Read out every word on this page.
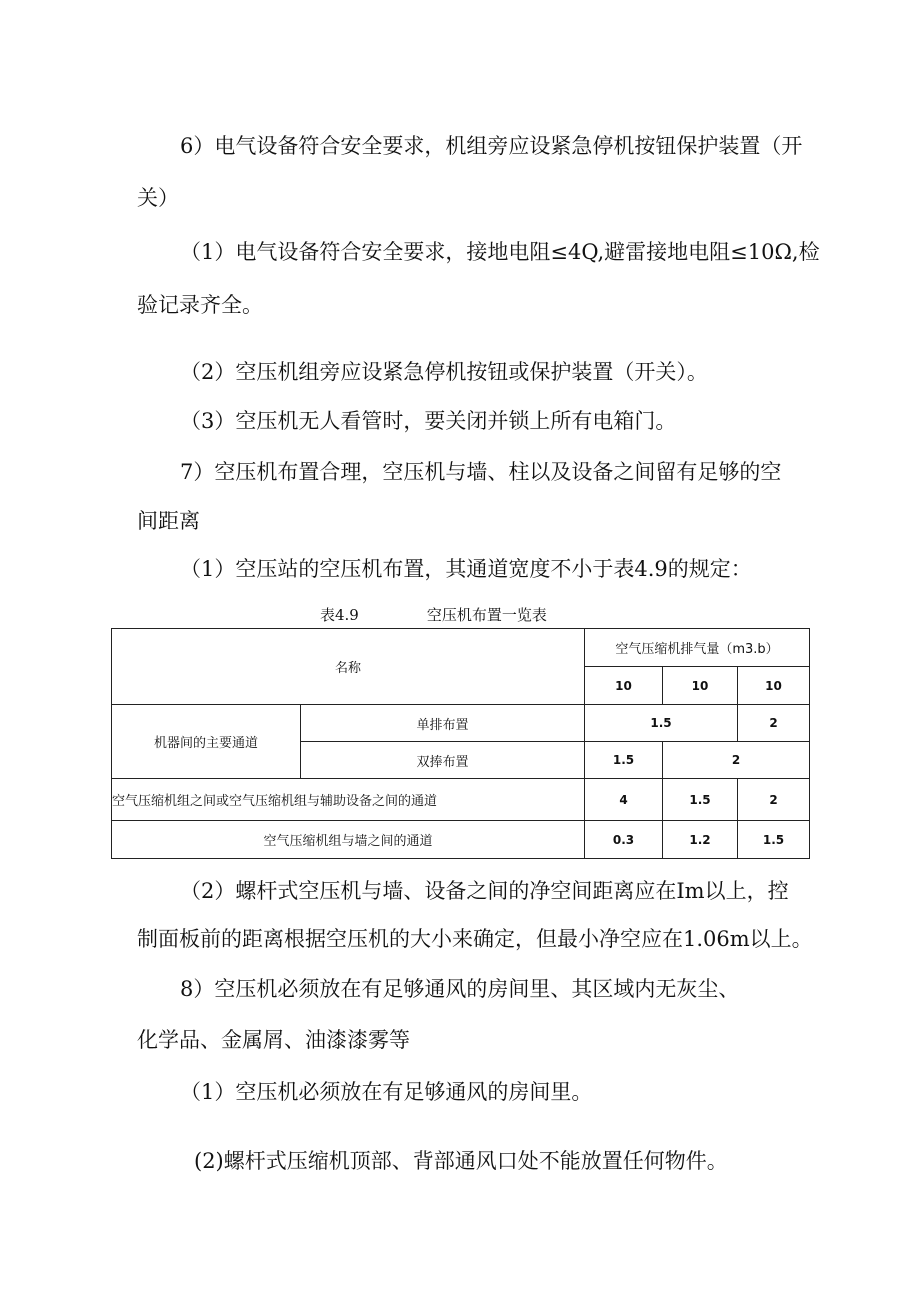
6）电气设备符合安全要求，机组旁应设紧急停机按钮保护装置（开
关）
（1）电气设备符合安全要求，接地电阻≤4Q,避雷接地电阻≤10Ω,检
验记录齐全。
（2）空压机组旁应设紧急停机按钮或保护装置（开关）。
（3）空压机无人看管时，要关闭并锁上所有电箱门。
7）空压机布置合理，空压机与墙、柱以及设备之间留有足够的空
间距离
（1）空压站的空压机布置，其通道宽度不小于表4.9的规定：
表4.9	空压机布置一览表
名称		空气压缩机排气量（m3.b）		
		10	10	10
机器间的主要通道	单排布置	1.5		2
	双捧布置	1.5	2	
空气压缩机组之间或空气压缩机组与辅助设备之间的通道		4	1.5	2
空气压缩机组与墙之间的通道		0.3	1.2	1.5
（2）螺杆式空压机与墙、设备之间的净空间距离应在Im以上，控
制面板前的距离根据空压机的大小来确定，但最小净空应在1.06m以上。
8）空压机必须放在有足够通风的房间里、其区域内无灰尘、
化学品、金属屑、油漆漆雾等
（1）空压机必须放在有足够通风的房间里。
(2)螺杆式压缩机顶部、背部通风口处不能放置任何物件。
